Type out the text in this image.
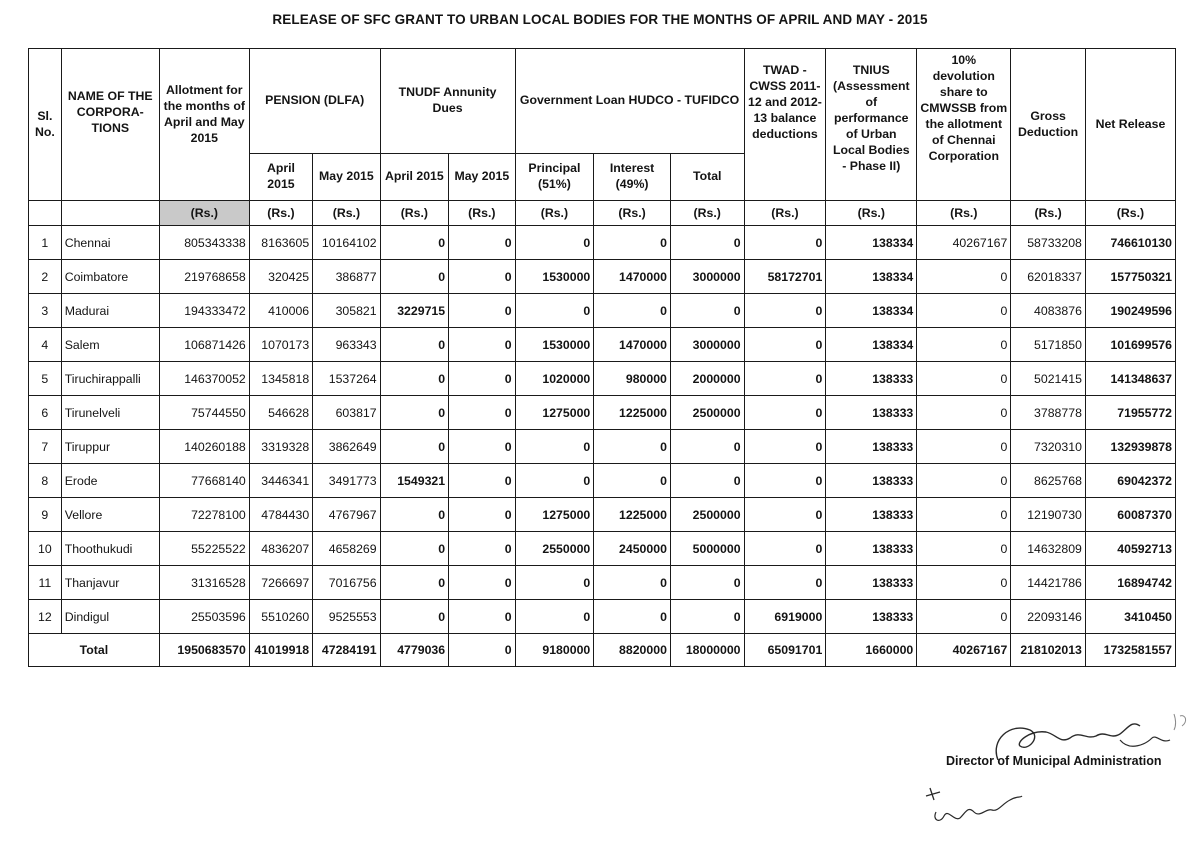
RELEASE OF SFC GRANT TO URBAN LOCAL BODIES FOR THE MONTHS OF APRIL AND MAY - 2015
Sl. No.	NAME OF THE CORPORA- TIONS	Allotment for the months of April and May 2015	PENSION (DLFA)		TNUDF Annunity Dues		Government Loan HUDCO - TUFIDCO			TWAD - CWSS 2011-12 and 2012-13 balance deductions	TNIUS (Assessment of performance of Urban Local Bodies - Phase II)	10% devolution share to CMWSSB from the allotment of Chennai Corporation	Gross Deduction	Net Release
			April 2015	May 2015	April 2015	May 2015	Principal (51%)	Interest (49%)	Total					
		(Rs.)	(Rs.)	(Rs.)	(Rs.)	(Rs.)	(Rs.)	(Rs.)	(Rs.)	(Rs.)	(Rs.)	(Rs.)	(Rs.)	(Rs.)
1	Chennai	805343338	8163605	10164102	0	0	0	0	0	0	138334	40267167	58733208	746610130
2	Coimbatore	219768658	320425	386877	0	0	1530000	1470000	3000000	58172701	138334	0	62018337	157750321
3	Madurai	194333472	410006	305821	3229715	0	0	0	0	0	138334	0	4083876	190249596
4	Salem	106871426	1070173	963343	0	0	1530000	1470000	3000000	0	138334	0	5171850	101699576
5	Tiruchirappalli	146370052	1345818	1537264	0	0	1020000	980000	2000000	0	138333	0	5021415	141348637
6	Tirunelveli	75744550	546628	603817	0	0	1275000	1225000	2500000	0	138333	0	3788778	71955772
7	Tiruppur	140260188	3319328	3862649	0	0	0	0	0	0	138333	0	7320310	132939878
8	Erode	77668140	3446341	3491773	1549321	0	0	0	0	0	138333	0	8625768	69042372
9	Vellore	72278100	4784430	4767967	0	0	1275000	1225000	2500000	0	138333	0	12190730	60087370
10	Thoothukudi	55225522	4836207	4658269	0	0	2550000	2450000	5000000	0	138333	0	14632809	40592713
11	Thanjavur	31316528	7266697	7016756	0	0	0	0	0	0	138333	0	14421786	16894742
12	Dindigul	25503596	5510260	9525553	0	0	0	0	0	6919000	138333	0	22093146	3410450
Total		1950683570	41019918	47284191	4779036	0	9180000	8820000	18000000	65091701	1660000	40267167	218102013	1732581557
Director of Municipal Administration
